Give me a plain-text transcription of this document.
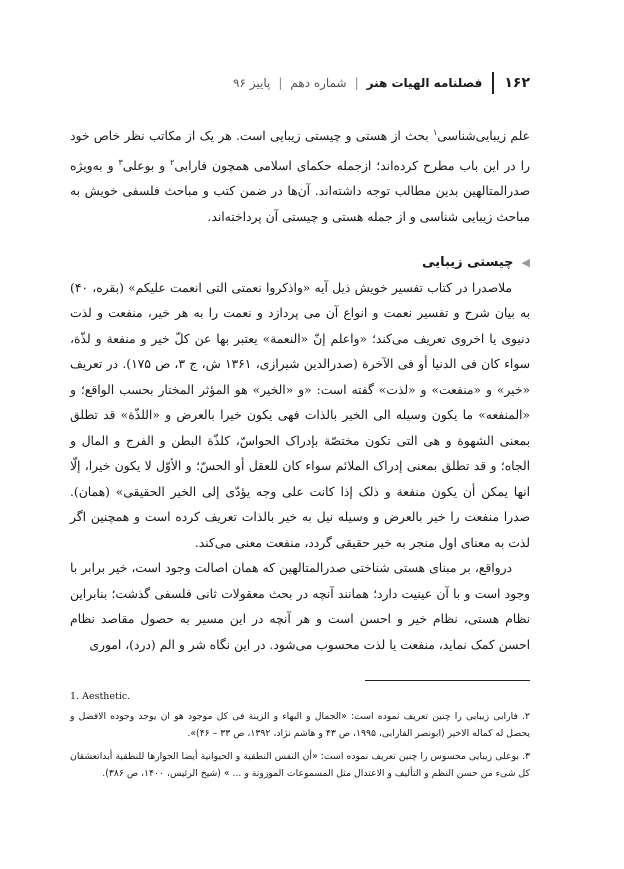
۱۶۲
فصلنامه الهیات هنر
|
شماره دهم
|
پاییز ۹۶

علم زیبایی‌شناسی$^۱$ بحث از هستی و چیستی زیبایی است. هر یک از مکاتب نظر خاص خود را در این باب مطرح کرده‌اند؛ ازجمله حکمای اسلامی همچون فارابی$^۲$ و بوعلی$^۳$ و به‌ویژه صدرالمتالهین بدین مطالب توجه داشته‌اند. آن‌ها در ضمن کتب و مباحث فلسفی خویش به مباحث زیبایی شناسی و از جمله هستی و چیستی آن پرداخته‌اند.

◀
چیستی زیبایی

ملاصدرا در کتاب تفسیر خویش ذیل آیه «واذکروا نعمتی التی انعمت علیکم» (بقره، ۴۰) به بیان شرح و تفسیر نعمت و انواع آن می پردازد و نعمت را به هر خیر، منفعت و لذت دنیوی یا اخروی تعریف می‌کند؛ «واعلم إنّ «النعمة» یعتبر بها عن کلّ خیر و منفعة و لذّة، سواء کان فی الدنیا أو فی الآخرة (صدرالدین شیرازی، ۱۳۶۱ ش، ج ۳، ص ۱۷۵). در تعریف «خیر» و «منفعت» و «لذت» گفته است: «و «الخیر» هو المؤثر المختار بحسب الواقع؛ و «المنفعه» ما یکون وسیله الی الخیر بالذات فهی یکون خیرا بالعرض و «اللذّة» قد تطلق بمعنی الشهوة و هی التی تکون مختصّة بإدراک الحواسّ، کلذّة البطن و الفرج و المال و الجاه؛ و قد تطلق بمعنی إدراک الملائم سواء کان للعقل أو الحسّ؛ و الأوّل لا یکون خیرا، إلّا انها یمکن أن یکون منفعة و ذلک إذا کانت علی وجه یؤدّی إلی الخیر الحقیقی» (همان). صدرا منفعت را خیر بالعرض و وسیله نیل به خیر بالذات تعریف کرده است و همچنین اگر لذت به معنای اول منجر به خیر حقیقی گردد، منفعت معنی می‌کند.

درواقع، بر مبنای هستی شناختی صدرالمتالهین که همان اصالت وجود است، خیر برابر با وجود است و با آن عینیت دارد؛ همانند آنچه در بحث معقولات ثانی فلسفی گذشت؛ بنابراین نظام هستی، نظام خیر و احسن است و هر آنچه در این مسیر به حصول مقاصد نظام احسن کمک نماید، منفعت یا لذت محسوب می‌شود. در این نگاه شر و الم (درد)، اموری

1. Aesthetic.
۲. فارابی زیبایی را چنین تعریف نموده است: «الجمال و البهاء و الزینة فی کل موجود هو ان یوجد وجوده الافضل و یحصل له کماله الاخیر (ابونصر الفارابی، ۱۹۹۵، ص ۴۳ و هاشم نژاد، ۱۳۹۲، ص ۳۳ – ۴۶)».
۳. بوعلی زیبایی محسوس را چنین تعریف نموده است: «أن النفس النطقیة و الحیوانیة أیضا الجوارها للنطقیة أبداتعشقان کل شیء من حسن النظم و التألیف و الاعتدال مثل المسموعات الموزونة و ... » (شیخ الرئیس، ۱۴۰۰، ص ۳۸۶).
